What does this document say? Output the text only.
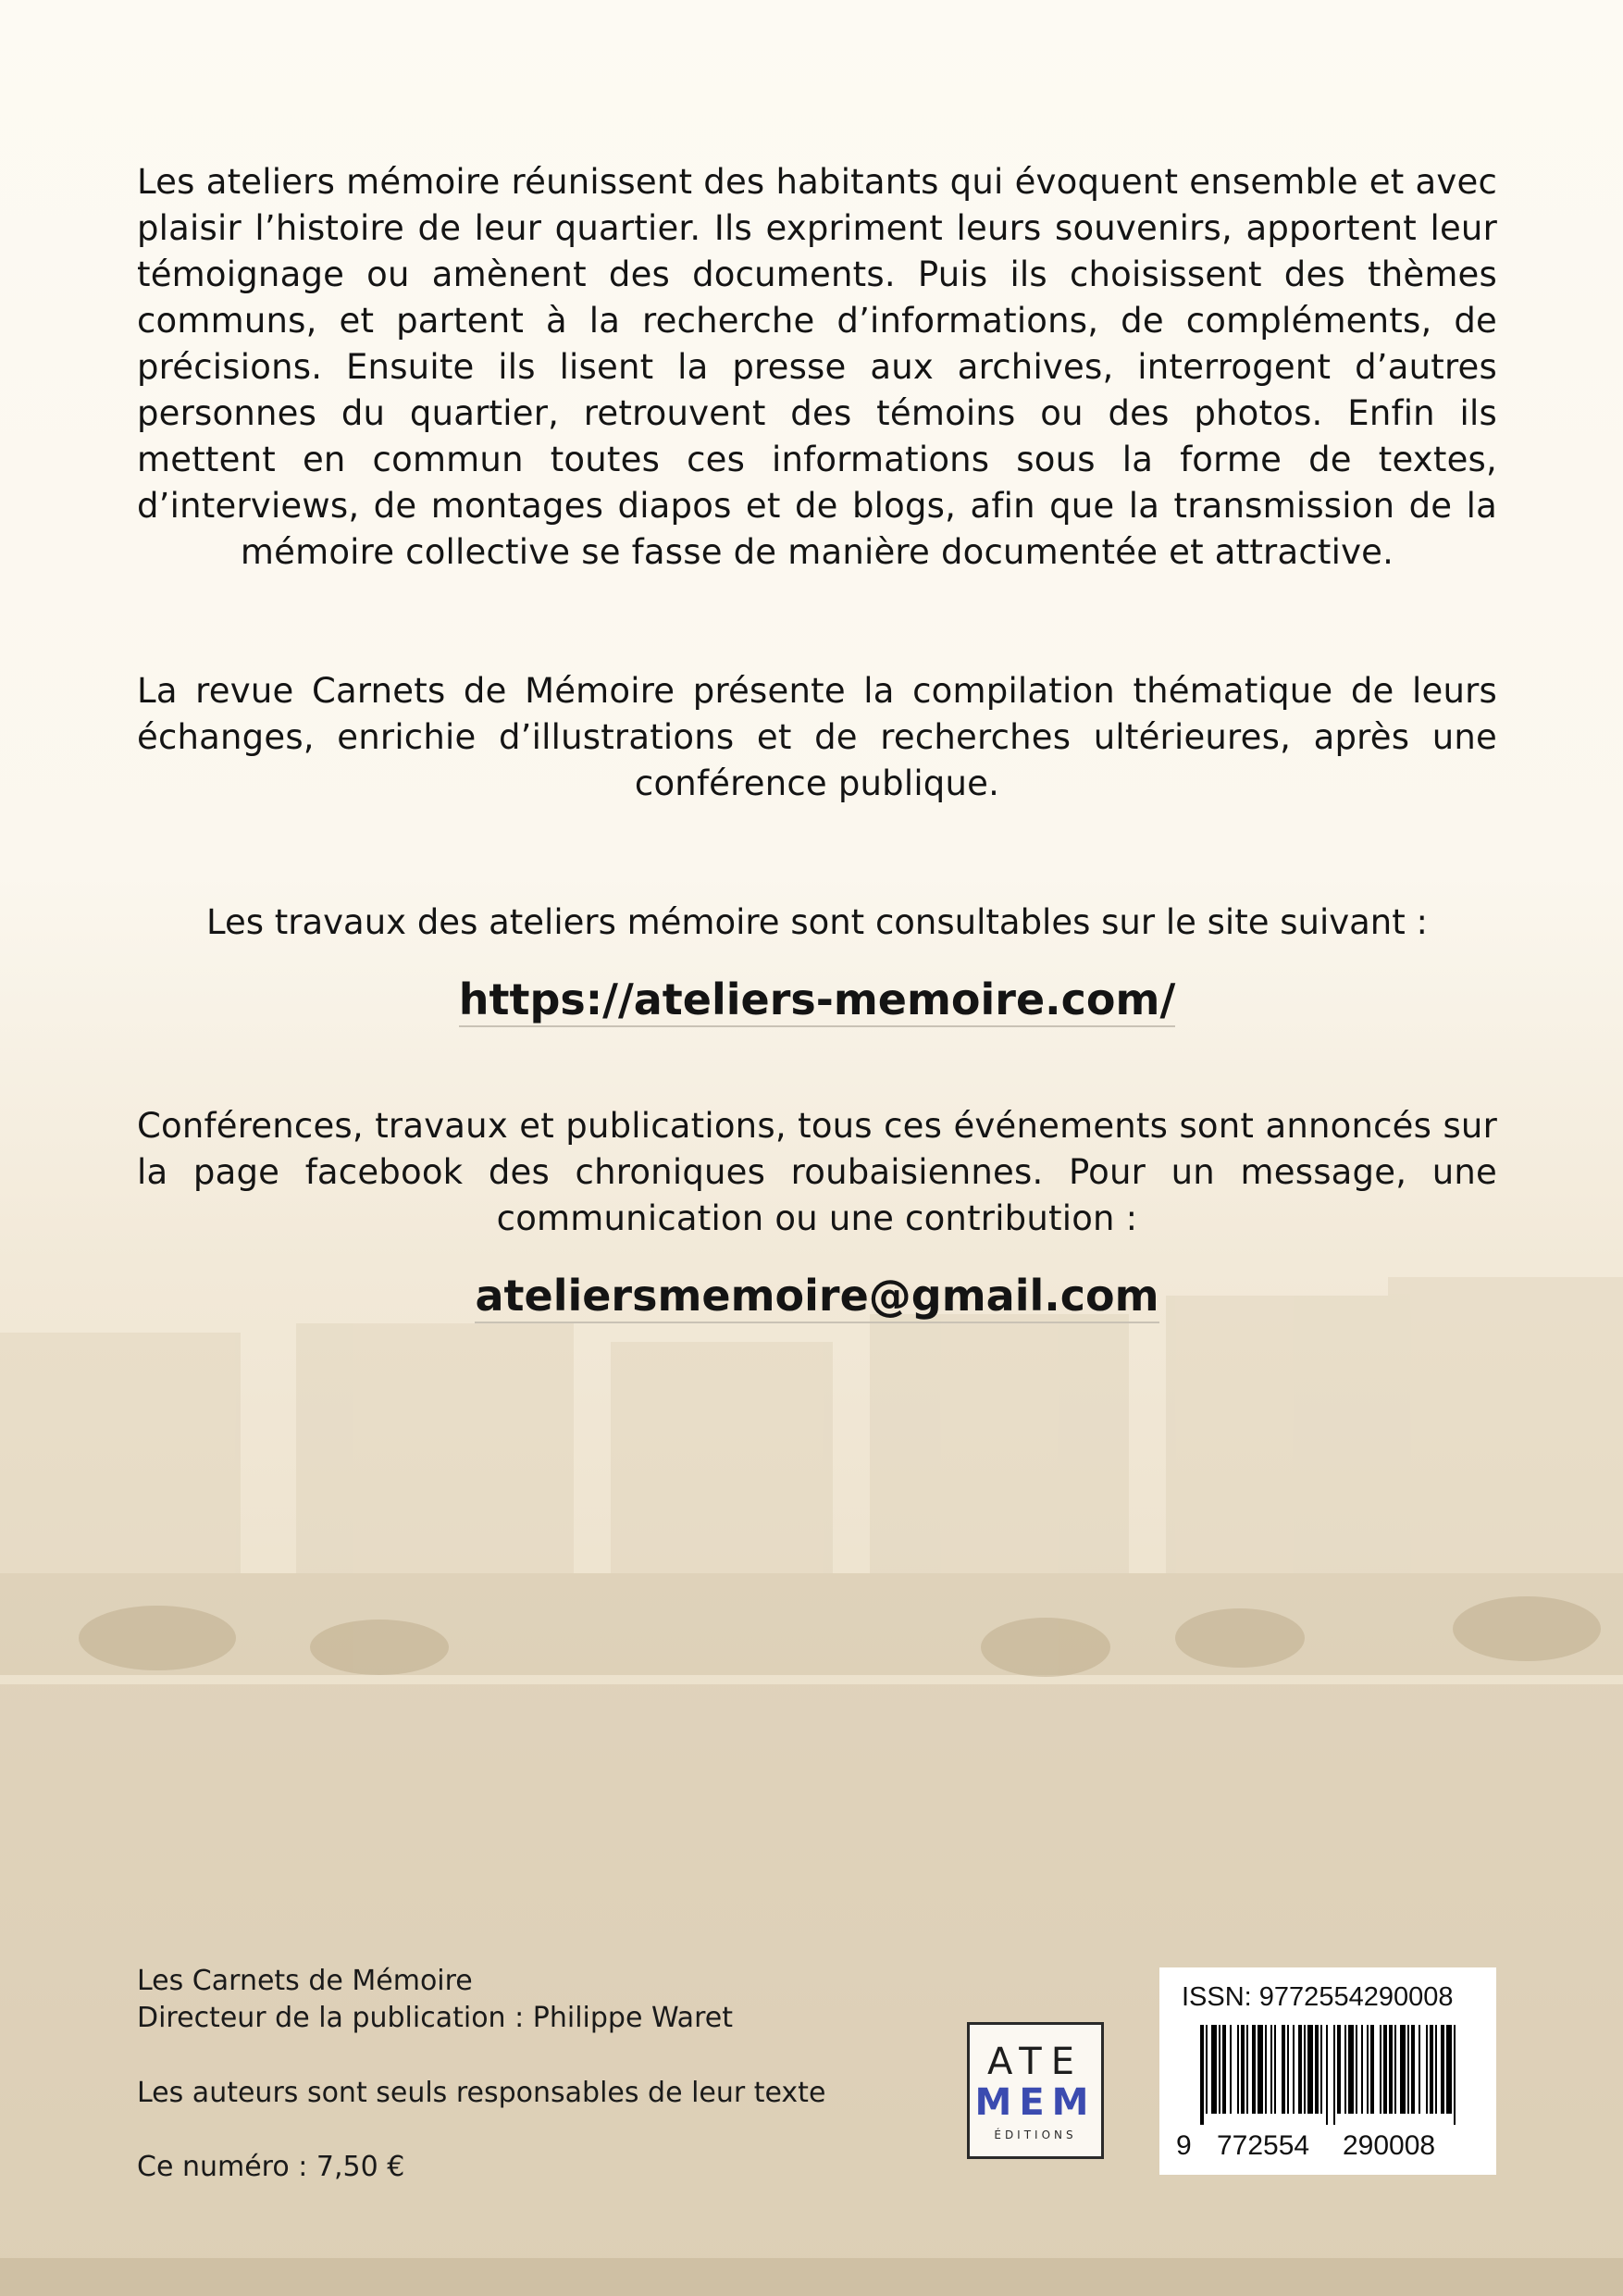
Les ateliers mémoire réunissent des habitants qui évoquent ensemble et avec plaisir l’histoire de leur quartier. Ils expriment leurs souvenirs, apportent leur témoignage ou amènent des documents. Puis ils choisissent des thèmes communs, et partent à la recherche d’informations, de compléments, de précisions. Ensuite ils lisent la presse aux archives, interrogent d’autres personnes du quartier, retrouvent des témoins ou des photos. Enfin ils mettent en commun toutes ces informations sous la forme de textes, d’interviews, de montages diapos et de blogs, afin que la transmission de la mémoire collective se fasse de manière documentée et attractive.

La revue Carnets de Mémoire présente la compilation thématique de leurs échanges, enrichie d’illustrations et de recherches ultérieures, après une conférence publique.

Les travaux des ateliers mémoire sont consultables sur le site suivant :

https://ateliers-memoire.com/

Conférences, travaux et publications, tous ces événements sont annoncés sur la page facebook des chroniques roubaisiennes. Pour un message, une communication ou une contribution :

ateliersmemoire@gmail.com

Les Carnets de Mémoire
Directeur de la publication : Philippe Waret

Les auteurs sont seuls responsables de leur texte

Ce numéro : 7,50 €

ATE
MEM
ÉDITIONS
ISSN: 9772554290008
9 772554 290008
